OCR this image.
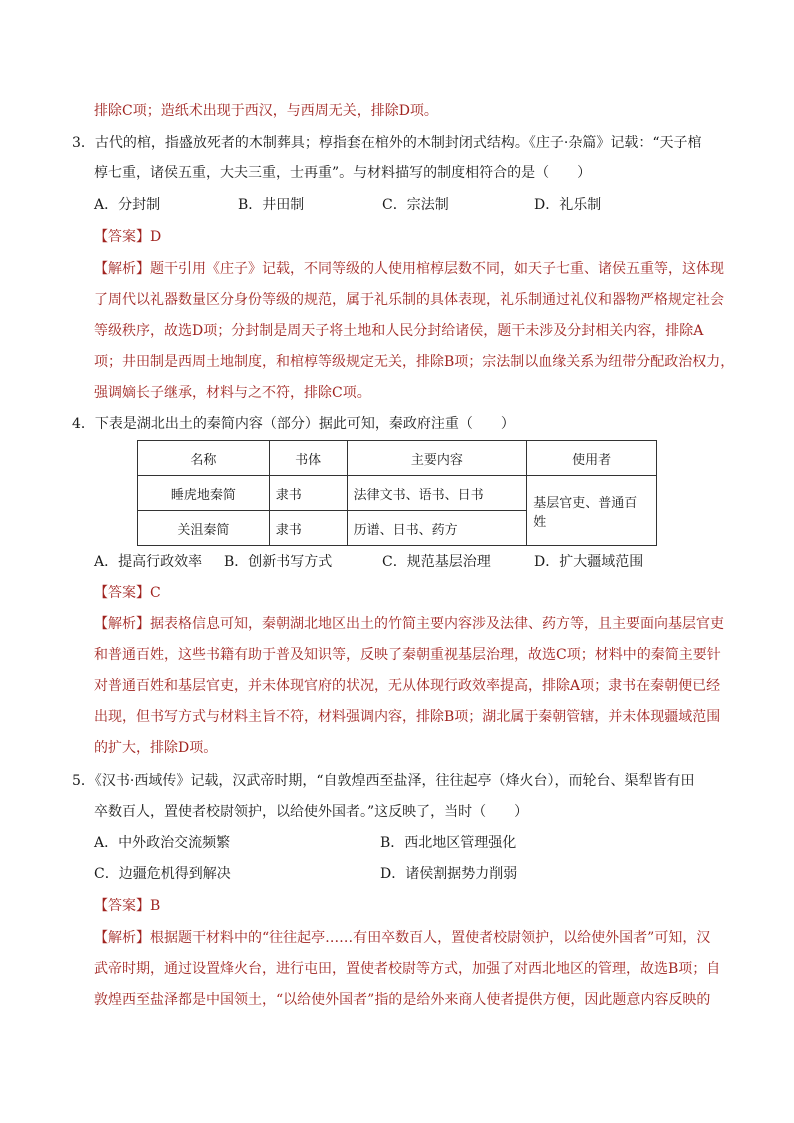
排除C项；造纸术出现于西汉，与西周无关，排除D项。
3．古代的棺，指盛放死者的木制葬具；椁指套在棺外的木制封闭式结构。《庄子·杂篇》记载：“天子棺
椁七重，诸侯五重，大夫三重，士再重”。与材料描写的制度相符合的是（　　）
A．分封制	B．井田制	C．宗法制	D．礼乐制
【答案】D
【解析】题干引用《庄子》记载，不同等级的人使用棺椁层数不同，如天子七重、诸侯五重等，这体现
了周代以礼器数量区分身份等级的规范，属于礼乐制的具体表现，礼乐制通过礼仪和器物严格规定社会
等级秩序，故选D项；分封制是周天子将土地和人民分封给诸侯，题干未涉及分封相关内容，排除A
项；井田制是西周土地制度，和棺椁等级规定无关，排除B项；宗法制以血缘关系为纽带分配政治权力，
强调嫡长子继承，材料与之不符，排除C项。
4．下表是湖北出土的秦简内容（部分）据此可知，秦政府注重（　　）
名称	书体	主要内容	使用者
睡虎地秦简	隶书	法律文书、语书、日书	基层官吏、普通百
姓

关沮秦简	隶书	历谱、日书、药方	
A．提高行政效率 B．创新书写方式	C．规范基层治理	D．扩大疆域范围
【答案】C
【解析】据表格信息可知，秦朝湖北地区出土的竹简主要内容涉及法律、药方等，且主要面向基层官吏
和普通百姓，这些书籍有助于普及知识等，反映了秦朝重视基层治理，故选C项；材料中的秦简主要针
对普通百姓和基层官吏，并未体现官府的状况，无从体现行政效率提高，排除A项；隶书在秦朝便已经
出现，但书写方式与材料主旨不符，材料强调内容，排除B项；湖北属于秦朝管辖，并未体现疆域范围
的扩大，排除D项。
5．《汉书·西域传》记载，汉武帝时期，“自敦煌西至盐泽，往往起亭（烽火台），而轮台、渠犁皆有田
卒数百人，置使者校尉领护，以给使外国者。”这反映了，当时（　　）
A．中外政治交流频繁	B．西北地区管理强化
C．边疆危机得到解决	D．诸侯割据势力削弱
【答案】B
【解析】根据题干材料中的“往往起亭……有田卒数百人，置使者校尉领护，以给使外国者”可知，汉
武帝时期，通过设置烽火台，进行屯田，置使者校尉等方式，加强了对西北地区的管理，故选B项；自
敦煌西至盐泽都是中国领土，“以给使外国者”指的是给外来商人使者提供方便，因此题意内容反映的
